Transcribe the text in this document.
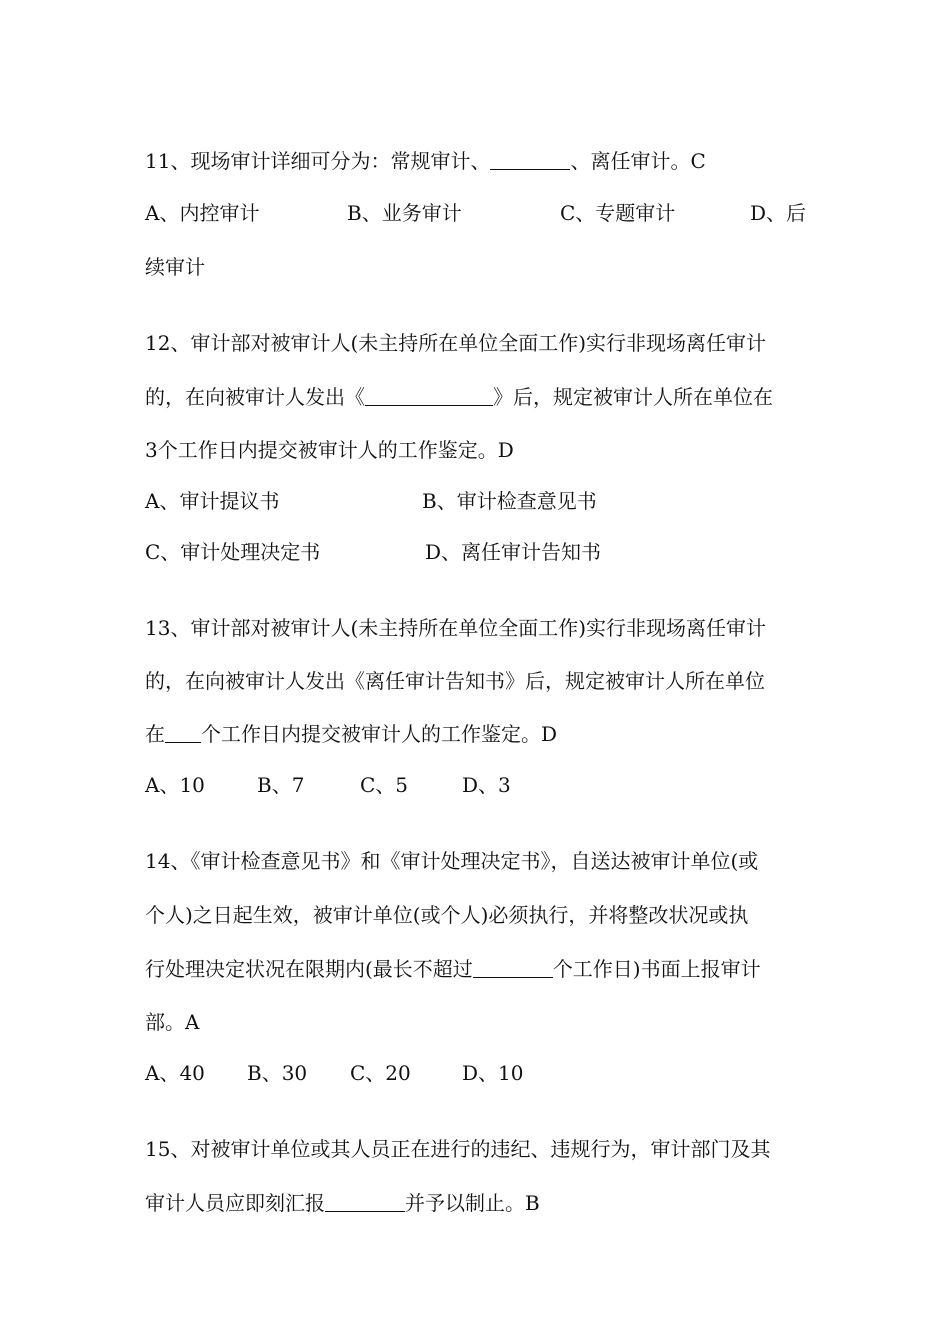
11、现场审计详细可分为：常规审计、	、离任审计。C
A、内控审计	B、业务审计	C、专题审计	D、后
续审计
12、审计部对被审计人(未主持所在单位全面工作)实行非现场离任审计
的，在向被审计人发出《	》后，规定被审计人所在单位在
3个工作日内提交被审计人的工作鉴定。D
A、审计提议书	B、审计检查意见书
C、审计处理决定书	D、离任审计告知书
13、审计部对被审计人(未主持所在单位全面工作)实行非现场离任审计
的，在向被审计人发出《离任审计告知书》后，规定被审计人所在单位
在 个工作日内提交被审计人的工作鉴定。D
A、10	B、7	C、5	D、3
14、《审计检查意见书》和《审计处理决定书》，自送达被审计单位(或
个人)之日起生效，被审计单位(或个人)必须执行，并将整改状况或执
行处理决定状况在限期内(最长不超过	个工作日)书面上报审计
部。A
A、40 B、30 C、20	D、10
15、对被审计单位或其人员正在进行的违纪、违规行为，审计部门及其
审计人员应即刻汇报	并予以制止。B
